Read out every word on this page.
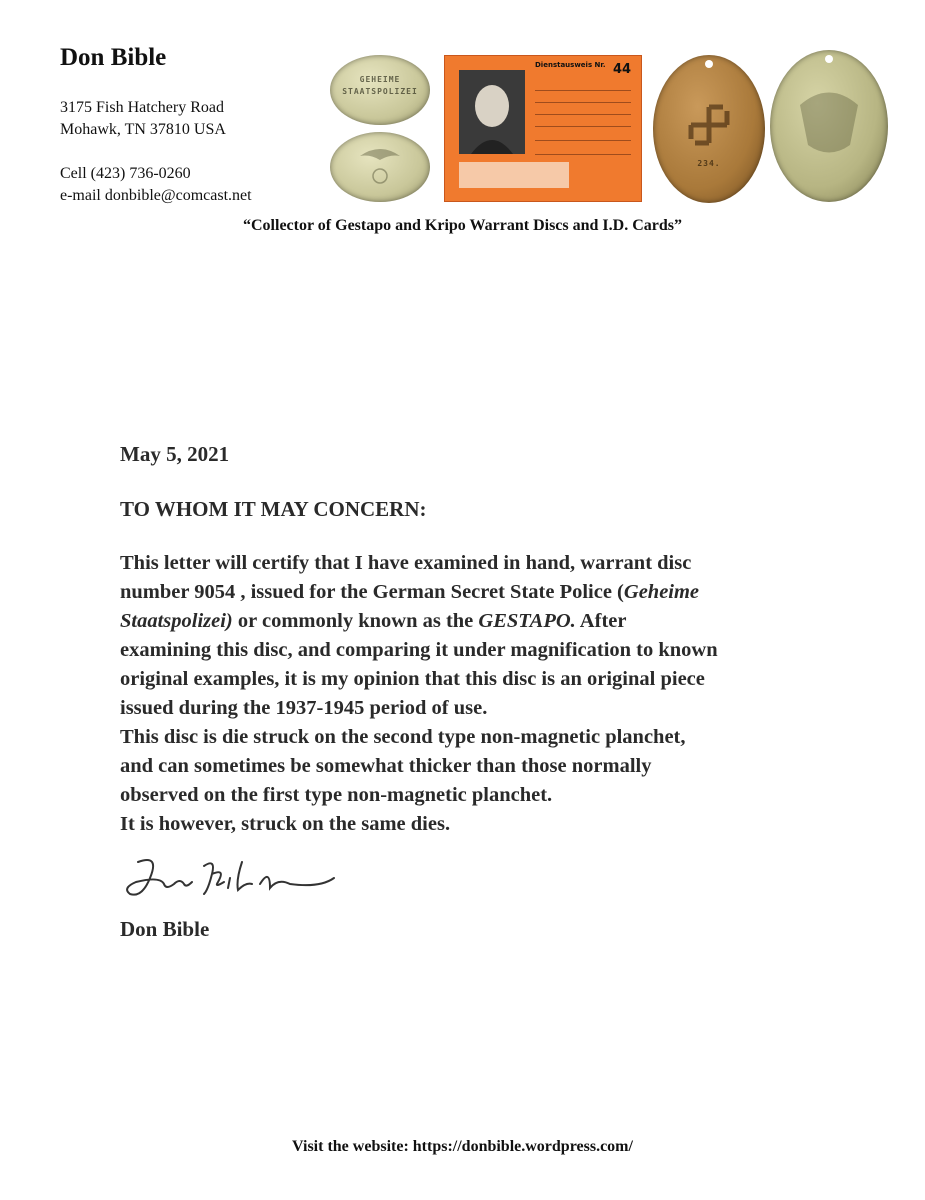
Don Bible
3175 Fish Hatchery Road
Mohawk, TN 37810 USA
Cell (423) 736-0260
e-mail donbible@comcast.net
GEHEIME
STAATSPOLIZEI
Dienstausweis Nr. 44
234.
“Collector of Gestapo and Kripo Warrant Discs and I.D. Cards”
May 5, 2021
TO WHOM IT MAY CONCERN:
This letter will certify that I have examined in hand, warrant disc
number 9054 , issued for the German Secret State Police (Geheime
Staatspolizei) or commonly known as the GESTAPO. After
examining this disc, and comparing it under magnification to known
original examples, it is my opinion that this disc is an original piece
issued during the 1937-1945 period of use.
This disc is die struck on the second type non-magnetic planchet,
and can sometimes be somewhat thicker than those normally
observed on the first type non-magnetic planchet.
It is however, struck on the same dies.
Don Bible
Visit the website: https://donbible.wordpress.com/
